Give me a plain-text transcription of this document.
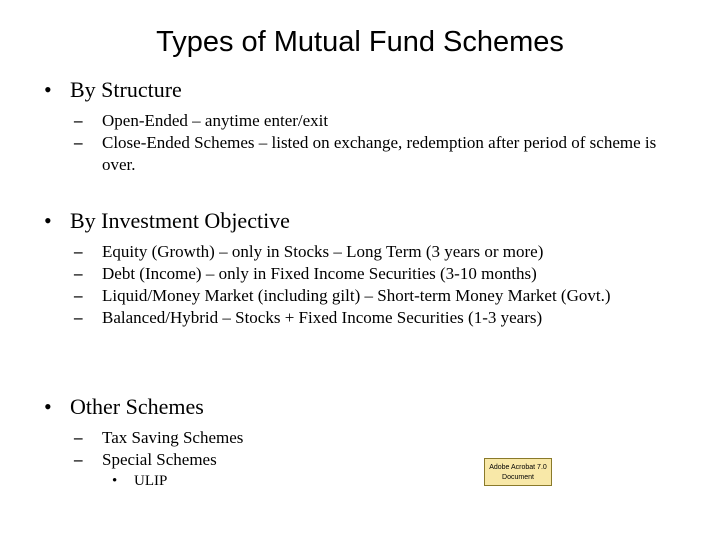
Types of Mutual Fund Schemes
• By Structure
–	Open-Ended – anytime enter/exit
–	Close-Ended Schemes – listed on exchange, redemption after period of scheme is over.
• By Investment Objective
–	Equity (Growth) – only in Stocks – Long Term (3 years or more)
–	Debt (Income) – only in Fixed Income Securities (3-10 months)
–	Liquid/Money Market (including gilt) – Short-term Money Market (Govt.)
–	Balanced/Hybrid – Stocks + Fixed Income Securities (1-3 years)
• Other Schemes
–	Tax Saving Schemes
–	Special Schemes
•	ULIP
Adobe Acrobat 7.0
Document
